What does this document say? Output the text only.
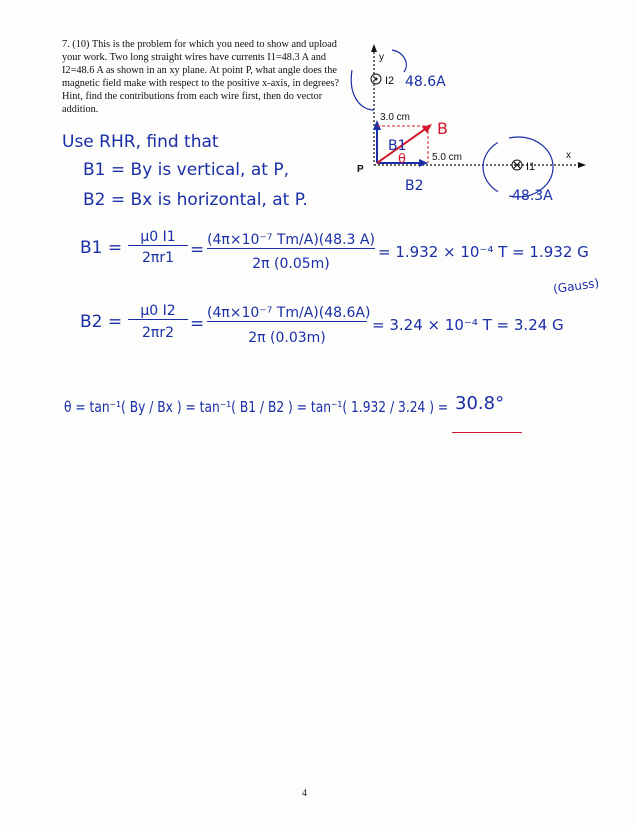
7. (10) This is the problem for which you need to show and upload your work. Two long straight wires have currents I1=48.3 A and I2=48.6 A as shown in an xy plane. At point P, what angle does the magnetic field make with respect to the positive x-axis, in degrees? Hint, find the contributions from each wire first, then do vector addition.
y
I2 48.6A
3.0 cm
x
5.0 cm
P	I1
48.3A
B1
θ
B
B2
Use RHR, find that
B1 = By is vertical, at P,
B2 = Bx is horizontal, at P.
B1 =
μ0 I1
2πr1 = (4π×10⁻⁷ Tm/A)(48.3 A)
2π (0.05m)
= 1.932 × 10⁻⁴ T = 1.932 G
(Gauss)
B2 =
μ0 I2
2πr2 =
(4π×10⁻⁷ Tm/A)(48.6A)
2π (0.03m)
= 3.24 × 10⁻⁴ T = 3.24 G
θ = tan⁻¹( By / Bx ) = tan⁻¹( B1 / B2 ) = tan⁻¹( 1.932 / 3.24 ) = 30.8°
4
